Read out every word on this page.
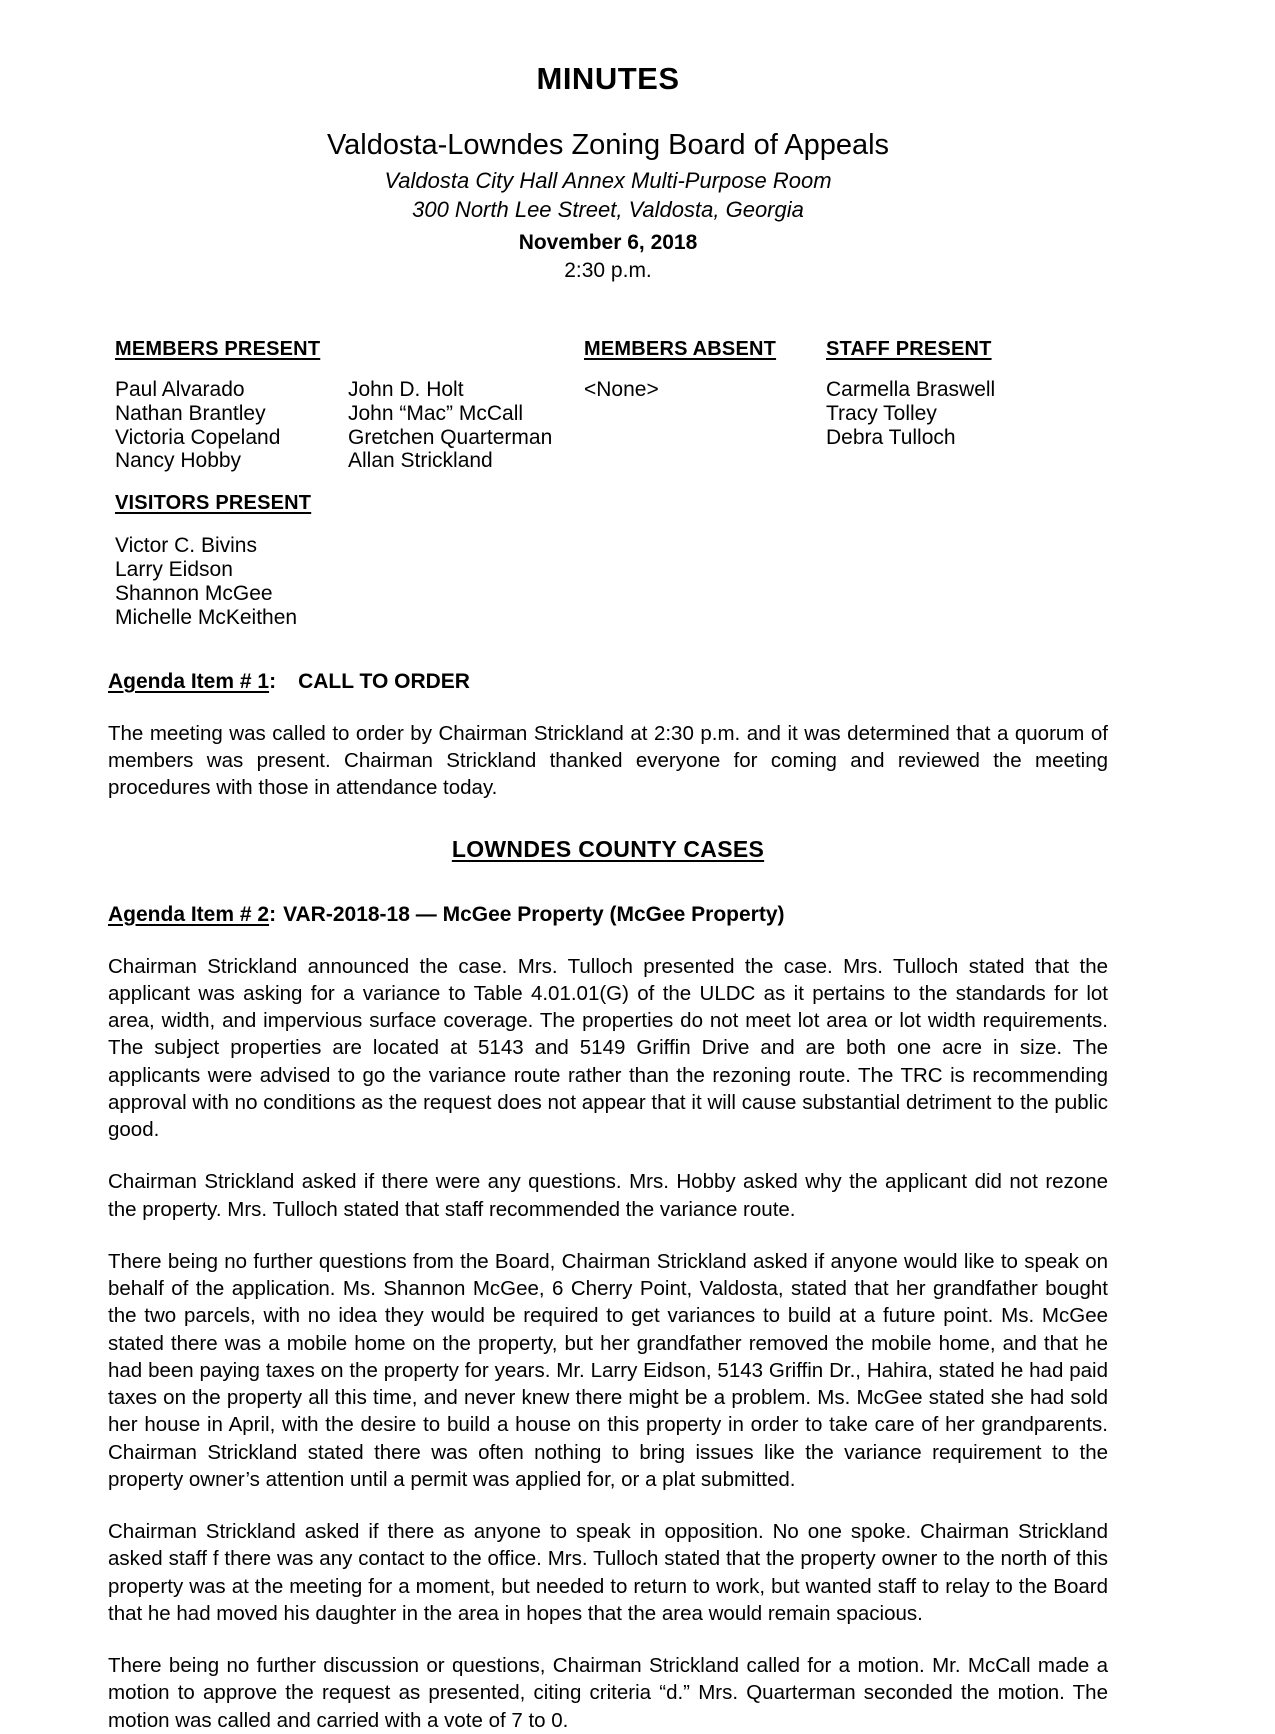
MINUTES
Valdosta-Lowndes Zoning Board of Appeals
Valdosta City Hall Annex Multi-Purpose Room
300 North Lee Street, Valdosta, Georgia
November 6, 2018
2:30 p.m.
MEMBERS PRESENT
Paul Alvarado
Nathan Brantley
Victoria Copeland
Nancy Hobby
John D. Holt
John “Mac” McCall
Gretchen Quarterman
Allan Strickland
MEMBERS ABSENT
<None>
STAFF PRESENT
Carmella Braswell
Tracy Tolley
Debra Tulloch
VISITORS PRESENT
Victor C. Bivins
Larry Eidson
Shannon McGee
Michelle McKeithen
Agenda Item # 1: CALL TO ORDER

The meeting was called to order by Chairman Strickland at 2:30 p.m. and it was determined that a quorum of members was present. Chairman Strickland thanked everyone for coming and reviewed the meeting procedures with those in attendance today.

LOWNDES COUNTY CASES
Agenda Item # 2: VAR-2018-18 — McGee Property (McGee Property)

Chairman Strickland announced the case. Mrs. Tulloch presented the case. Mrs. Tulloch stated that the applicant was asking for a variance to Table 4.01.01(G) of the ULDC as it pertains to the standards for lot area, width, and impervious surface coverage. The properties do not meet lot area or lot width requirements. The subject properties are located at 5143 and 5149 Griffin Drive and are both one acre in size. The applicants were advised to go the variance route rather than the rezoning route. The TRC is recommending approval with no conditions as the request does not appear that it will cause substantial detriment to the public good.

Chairman Strickland asked if there were any questions. Mrs. Hobby asked why the applicant did not rezone the property. Mrs. Tulloch stated that staff recommended the variance route.

There being no further questions from the Board, Chairman Strickland asked if anyone would like to speak on behalf of the application. Ms. Shannon McGee, 6 Cherry Point, Valdosta, stated that her grandfather bought the two parcels, with no idea they would be required to get variances to build at a future point. Ms. McGee stated there was a mobile home on the property, but her grandfather removed the mobile home, and that he had been paying taxes on the property for years. Mr. Larry Eidson, 5143 Griffin Dr., Hahira, stated he had paid taxes on the property all this time, and never knew there might be a problem. Ms. McGee stated she had sold her house in April, with the desire to build a house on this property in order to take care of her grandparents. Chairman Strickland stated there was often nothing to bring issues like the variance requirement to the property owner’s attention until a permit was applied for, or a plat submitted.

Chairman Strickland asked if there as anyone to speak in opposition. No one spoke. Chairman Strickland asked staff f there was any contact to the office. Mrs. Tulloch stated that the property owner to the north of this property was at the meeting for a moment, but needed to return to work, but wanted staff to relay to the Board that he had moved his daughter in the area in hopes that the area would remain spacious.

There being no further discussion or questions, Chairman Strickland called for a motion. Mr. McCall made a motion to approve the request as presented, citing criteria “d.” Mrs. Quarterman seconded the motion. The motion was called and carried with a vote of 7 to 0.
